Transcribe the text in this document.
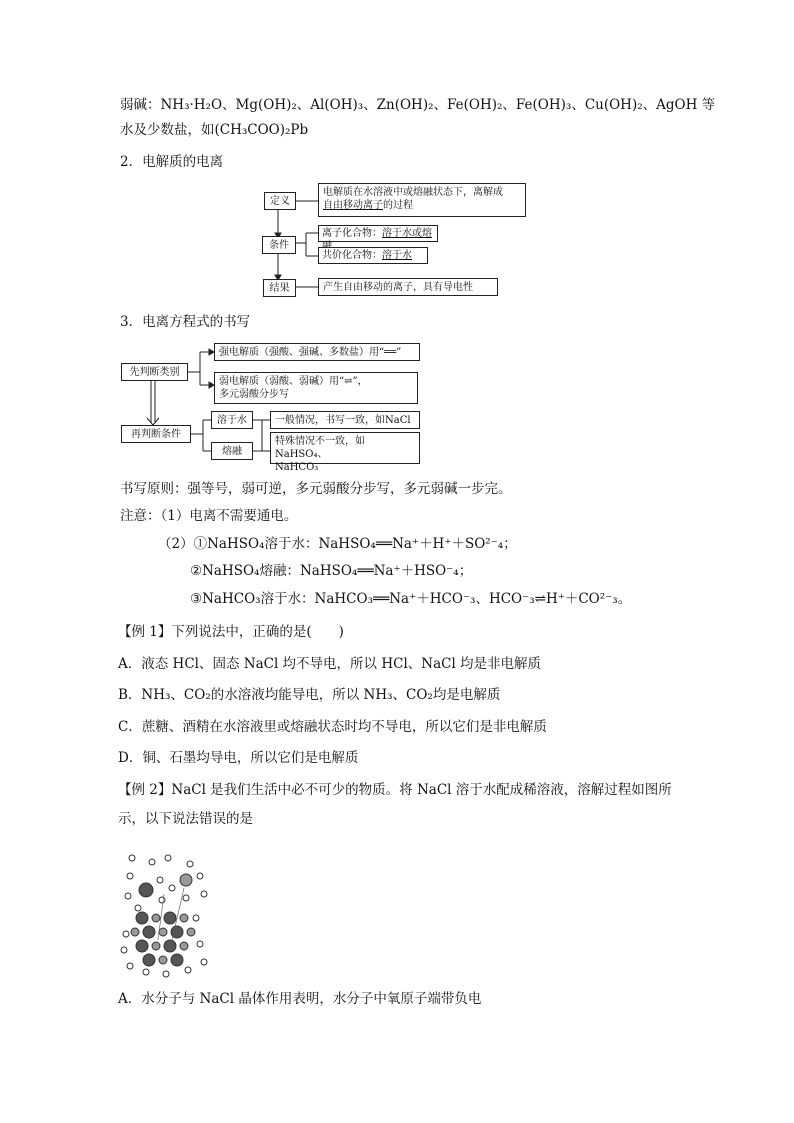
弱碱：NH₃·H₂O、Mg(OH)₂、Al(OH)₃、Zn(OH)₂、Fe(OH)₂、Fe(OH)₃、Cu(OH)₂、AgOH 等
水及少数盐，如(CH₃COO)₂Pb
2．电解质的电离
定义
电解质在水溶液中或熔融状态下，离解成
自由移动离子的过程
条件
离子化合物：溶于水或熔
共价化合物：溶于水
结果	产生自由移动的离子，具有导电性
3．电离方程式的书写
先判断类别
强电解质（强酸、强碱、多数盐）用“══”
弱电解质（弱酸、弱碱）用“⇌”，
多元弱酸分步写
再判断条件
溶于水
熔融
一般情况，书写一致，如NaCl
特殊情况不一致，如NaHSO₄、
NaHCO₃
书写原则：强等号，弱可逆，多元弱酸分步写，多元弱碱一步完。
注意：（1）电离不需要通电。
（2）①NaHSO₄溶于水：NaHSO₄══Na⁺＋H⁺＋SO²⁻₄；
②NaHSO₄熔融：NaHSO₄══Na⁺＋HSO⁻₄；
③NaHCO₃溶于水：NaHCO₃══Na⁺＋HCO⁻₃、HCO⁻₃⇌H⁺＋CO²⁻₃。
【例 1】下列说法中，正确的是(　　)
A．液态 HCl、固态 NaCl 均不导电，所以 HCl、NaCl 均是非电解质
B．NH₃、CO₂的水溶液均能导电，所以 NH₃、CO₂均是电解质
C．蔗糖、酒精在水溶液里或熔融状态时均不导电，所以它们是非电解质
D．铜、石墨均导电，所以它们是电解质
【例 2】NaCl 是我们生活中必不可少的物质。将 NaCl 溶于水配成稀溶液，溶解过程如图所
示，以下说法错误的是
A．水分子与 NaCl 晶体作用表明，水分子中氧原子端带负电
